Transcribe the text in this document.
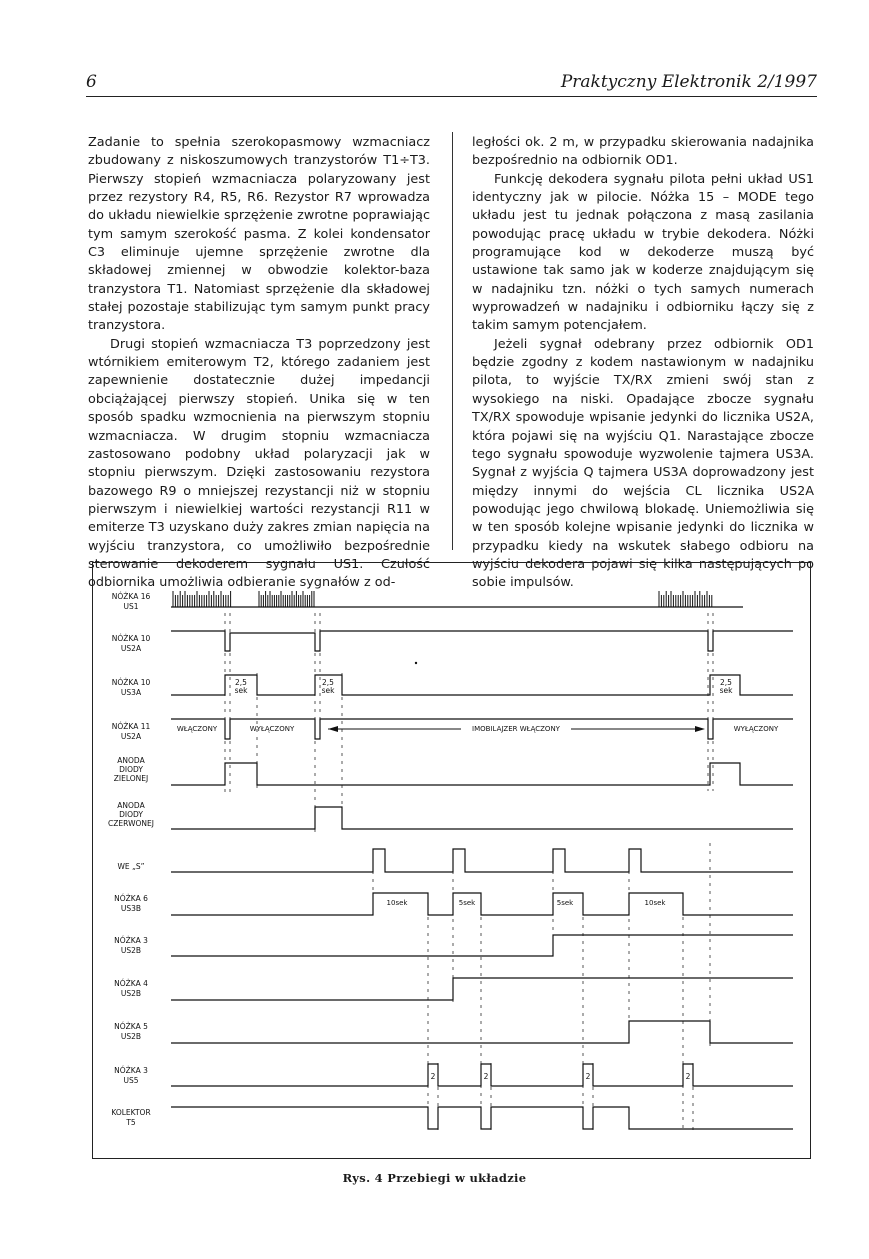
6	Praktyczny Elektronik 2/1997

Zadanie to spełnia szerokopasmowy wzmacniacz zbudowany z niskoszumowych tranzystorów T1÷T3. Pierwszy stopień wzmacniacza polaryzowany jest przez rezystory R4, R5, R6. Rezystor R7 wprowadza do układu niewielkie sprzężenie zwrotne poprawiając tym samym szerokość pasma. Z kolei kondensator C3 eliminuje ujemne sprzężenie zwrotne dla składowej zmiennej w obwodzie kolektor-baza tranzystora T1. Natomiast sprzężenie dla składowej stałej pozostaje stabilizując tym samym punkt pracy tranzystora.

Drugi stopień wzmacniacza T3 poprzedzony jest wtórnikiem emiterowym T2, którego zadaniem jest zapewnienie dostatecznie dużej impedancji obciążającej pierwszy stopień. Unika się w ten sposób spadku wzmocnienia na pierwszym stopniu wzmacniacza. W drugim stopniu wzmacniacza zastosowano podobny układ polaryzacji jak w stopniu pierwszym. Dzięki zastosowaniu rezystora bazowego R9 o mniejszej rezystancji niż w stopniu pierwszym i niewielkiej wartości rezystancji R11 w emiterze T3 uzyskano duży zakres zmian napięcia na wyjściu tranzystora, co umożliwiło bezpośrednie sterowanie dekoderem sygnału US1. Czułość odbiornika umożliwia odbieranie sygnałów z od-

ległości ok. 2 m, w przypadku skierowania nadajnika bezpośrednio na odbiornik OD1.

Funkcję dekodera sygnału pilota pełni układ US1 identyczny jak w pilocie. Nóżka 15 – MODE tego układu jest tu jednak połączona z masą zasilania powodując pracę układu w trybie dekodera. Nóżki programujące kod w dekoderze muszą być ustawione tak samo jak w koderze znajdującym się w nadajniku tzn. nóżki o tych samych numerach wyprowadzeń w nadajniku i odbiorniku łączy się z takim samym potencjałem.

Jeżeli sygnał odebrany przez odbiornik OD1 będzie zgodny z kodem nastawionym w nadajniku pilota, to wyjście TX/RX zmieni swój stan z wysokiego na niski. Opadające zbocze sygnału TX/RX spowoduje wpisanie jedynki do licznika US2A, która pojawi się na wyjściu Q1. Narastające zbocze tego sygnału spowoduje wyzwolenie tajmera US3A. Sygnał z wyjścia Q tajmera US3A doprowadzony jest między innymi do wejścia CL licznika US2A powodując jego chwilową blokadę. Uniemożliwia się w ten sposób kolejne wpisanie jedynki do licznika w przypadku kiedy na wskutek słabego odbioru na wyjściu dekodera pojawi się kilka następujących po sobie impulsów.

NÓŻKA 16
US1
NÓŻKA 10
US2A
NÓŻKA 10
US3A
NÓŻKA 11
US2A
ANODA
DIODY
ZIELONEJ
ANODA
DIODY
CZERWONEJ
WE „S”
NÓŻKA 6
US3B
NÓŻKA 3
US2B
NÓŻKA 4
US2B
NÓŻKA 5
US2B
NÓŻKA 3
US5
KOLEKTOR
T5
2,5
sek
2,5
sek
2,5
sek
WŁĄCZONY	WYŁĄCZONY	IMOBILAJZER WŁĄCZONY	WYŁĄCZONY
10sek	5sek	5sek	10sek
2	2	2	2
Rys. 4 Przebiegi w układzie
